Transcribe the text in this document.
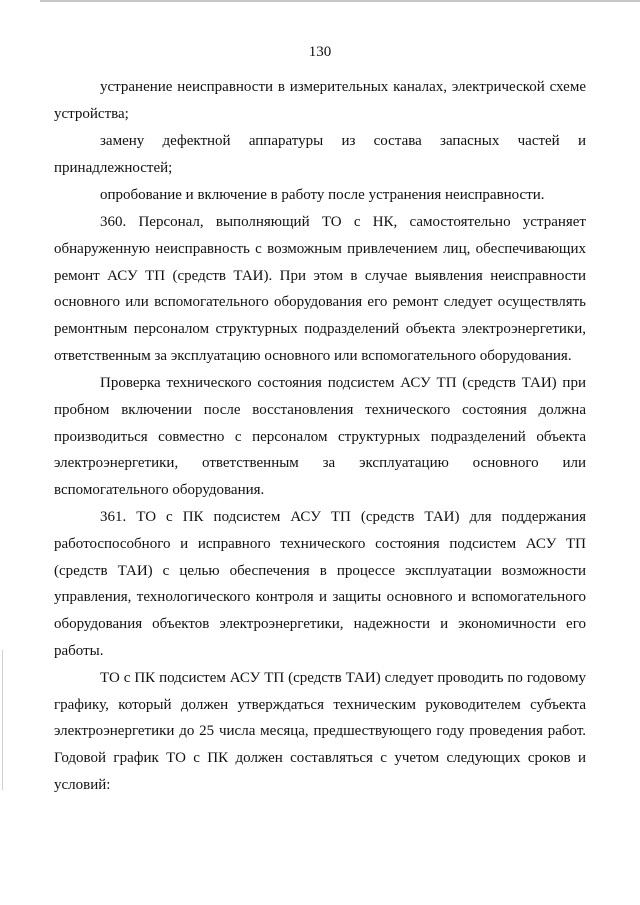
130

устранение неисправности в измерительных каналах, электрической схеме устройства;

замену дефектной аппаратуры из состава запасных частей и принадлежностей;

опробование и включение в работу после устранения неисправности.

360. Персонал, выполняющий ТО с НК, самостоятельно устраняет обнаруженную неисправность с возможным привлечением лиц, обеспечивающих ремонт АСУ ТП (средств ТАИ). При этом в случае выявления неисправности основного или вспомогательного оборудования его ремонт следует осуществлять ремонтным персоналом структурных подразделений объекта электроэнергетики, ответственным за эксплуатацию основного или вспомогательного оборудования.

Проверка технического состояния подсистем АСУ ТП (средств ТАИ) при пробном включении после восстановления технического состояния должна производиться совместно с персоналом структурных подразделений объекта электроэнергетики, ответственным за эксплуатацию основного или вспомогательного оборудования.

361. ТО с ПК подсистем АСУ ТП (средств ТАИ) для поддержания работоспособного и исправного технического состояния подсистем АСУ ТП (средств ТАИ) с целью обеспечения в процессе эксплуатации возможности управления, технологического контроля и защиты основного и вспомогательного оборудования объектов электроэнергетики, надежности и экономичности его работы.

ТО с ПК подсистем АСУ ТП (средств ТАИ) следует проводить по годовому графику, который должен утверждаться техническим руководителем субъекта электроэнергетики до 25 числа месяца, предшествующего году проведения работ. Годовой график ТО с ПК должен составляться с учетом следующих сроков и условий:
